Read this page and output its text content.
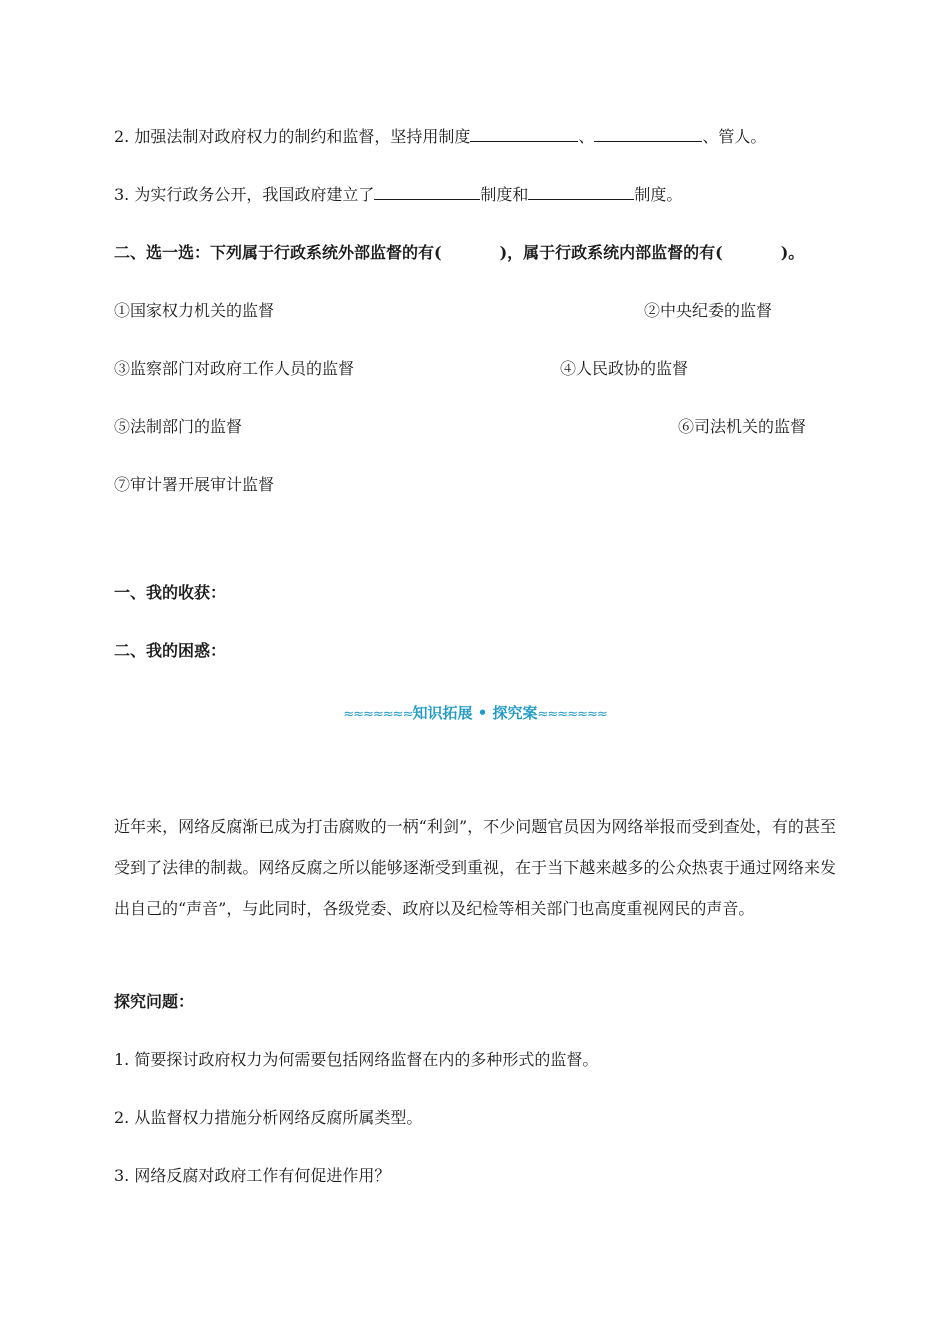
2. 加强法制对政府权力的制约和监督，坚持用制度	、	、管人。
3. 为实行政务公开，我国政府建立了	制度和	制度。
二、选一选：下列属于行政系统外部监督的有(	)，属于行政系统内部监督的有(	)。
①国家权力机关的监督	②中央纪委的监督
③监察部门对政府工作人员的监督	④人民政协的监督
⑤法制部门的监督	⑥司法机关的监督
⑦审计署开展审计监督
一、我的收获：
二、我的困惑：
≈≈≈≈≈≈≈知识拓展 • 探究案≈≈≈≈≈≈≈
近年来，网络反腐渐已成为打击腐败的一柄“利剑”，不少问题官员因为网络举报而受到查处，有的甚至受到了法律的制裁。网络反腐之所以能够逐渐受到重视，在于当下越来越多的公众热衷于通过网络来发出自己的“声音”，与此同时，各级党委、政府以及纪检等相关部门也高度重视网民的声音。
探究问题：
1. 简要探讨政府权力为何需要包括网络监督在内的多种形式的监督。
2. 从监督权力措施分析网络反腐所属类型。
3. 网络反腐对政府工作有何促进作用？
